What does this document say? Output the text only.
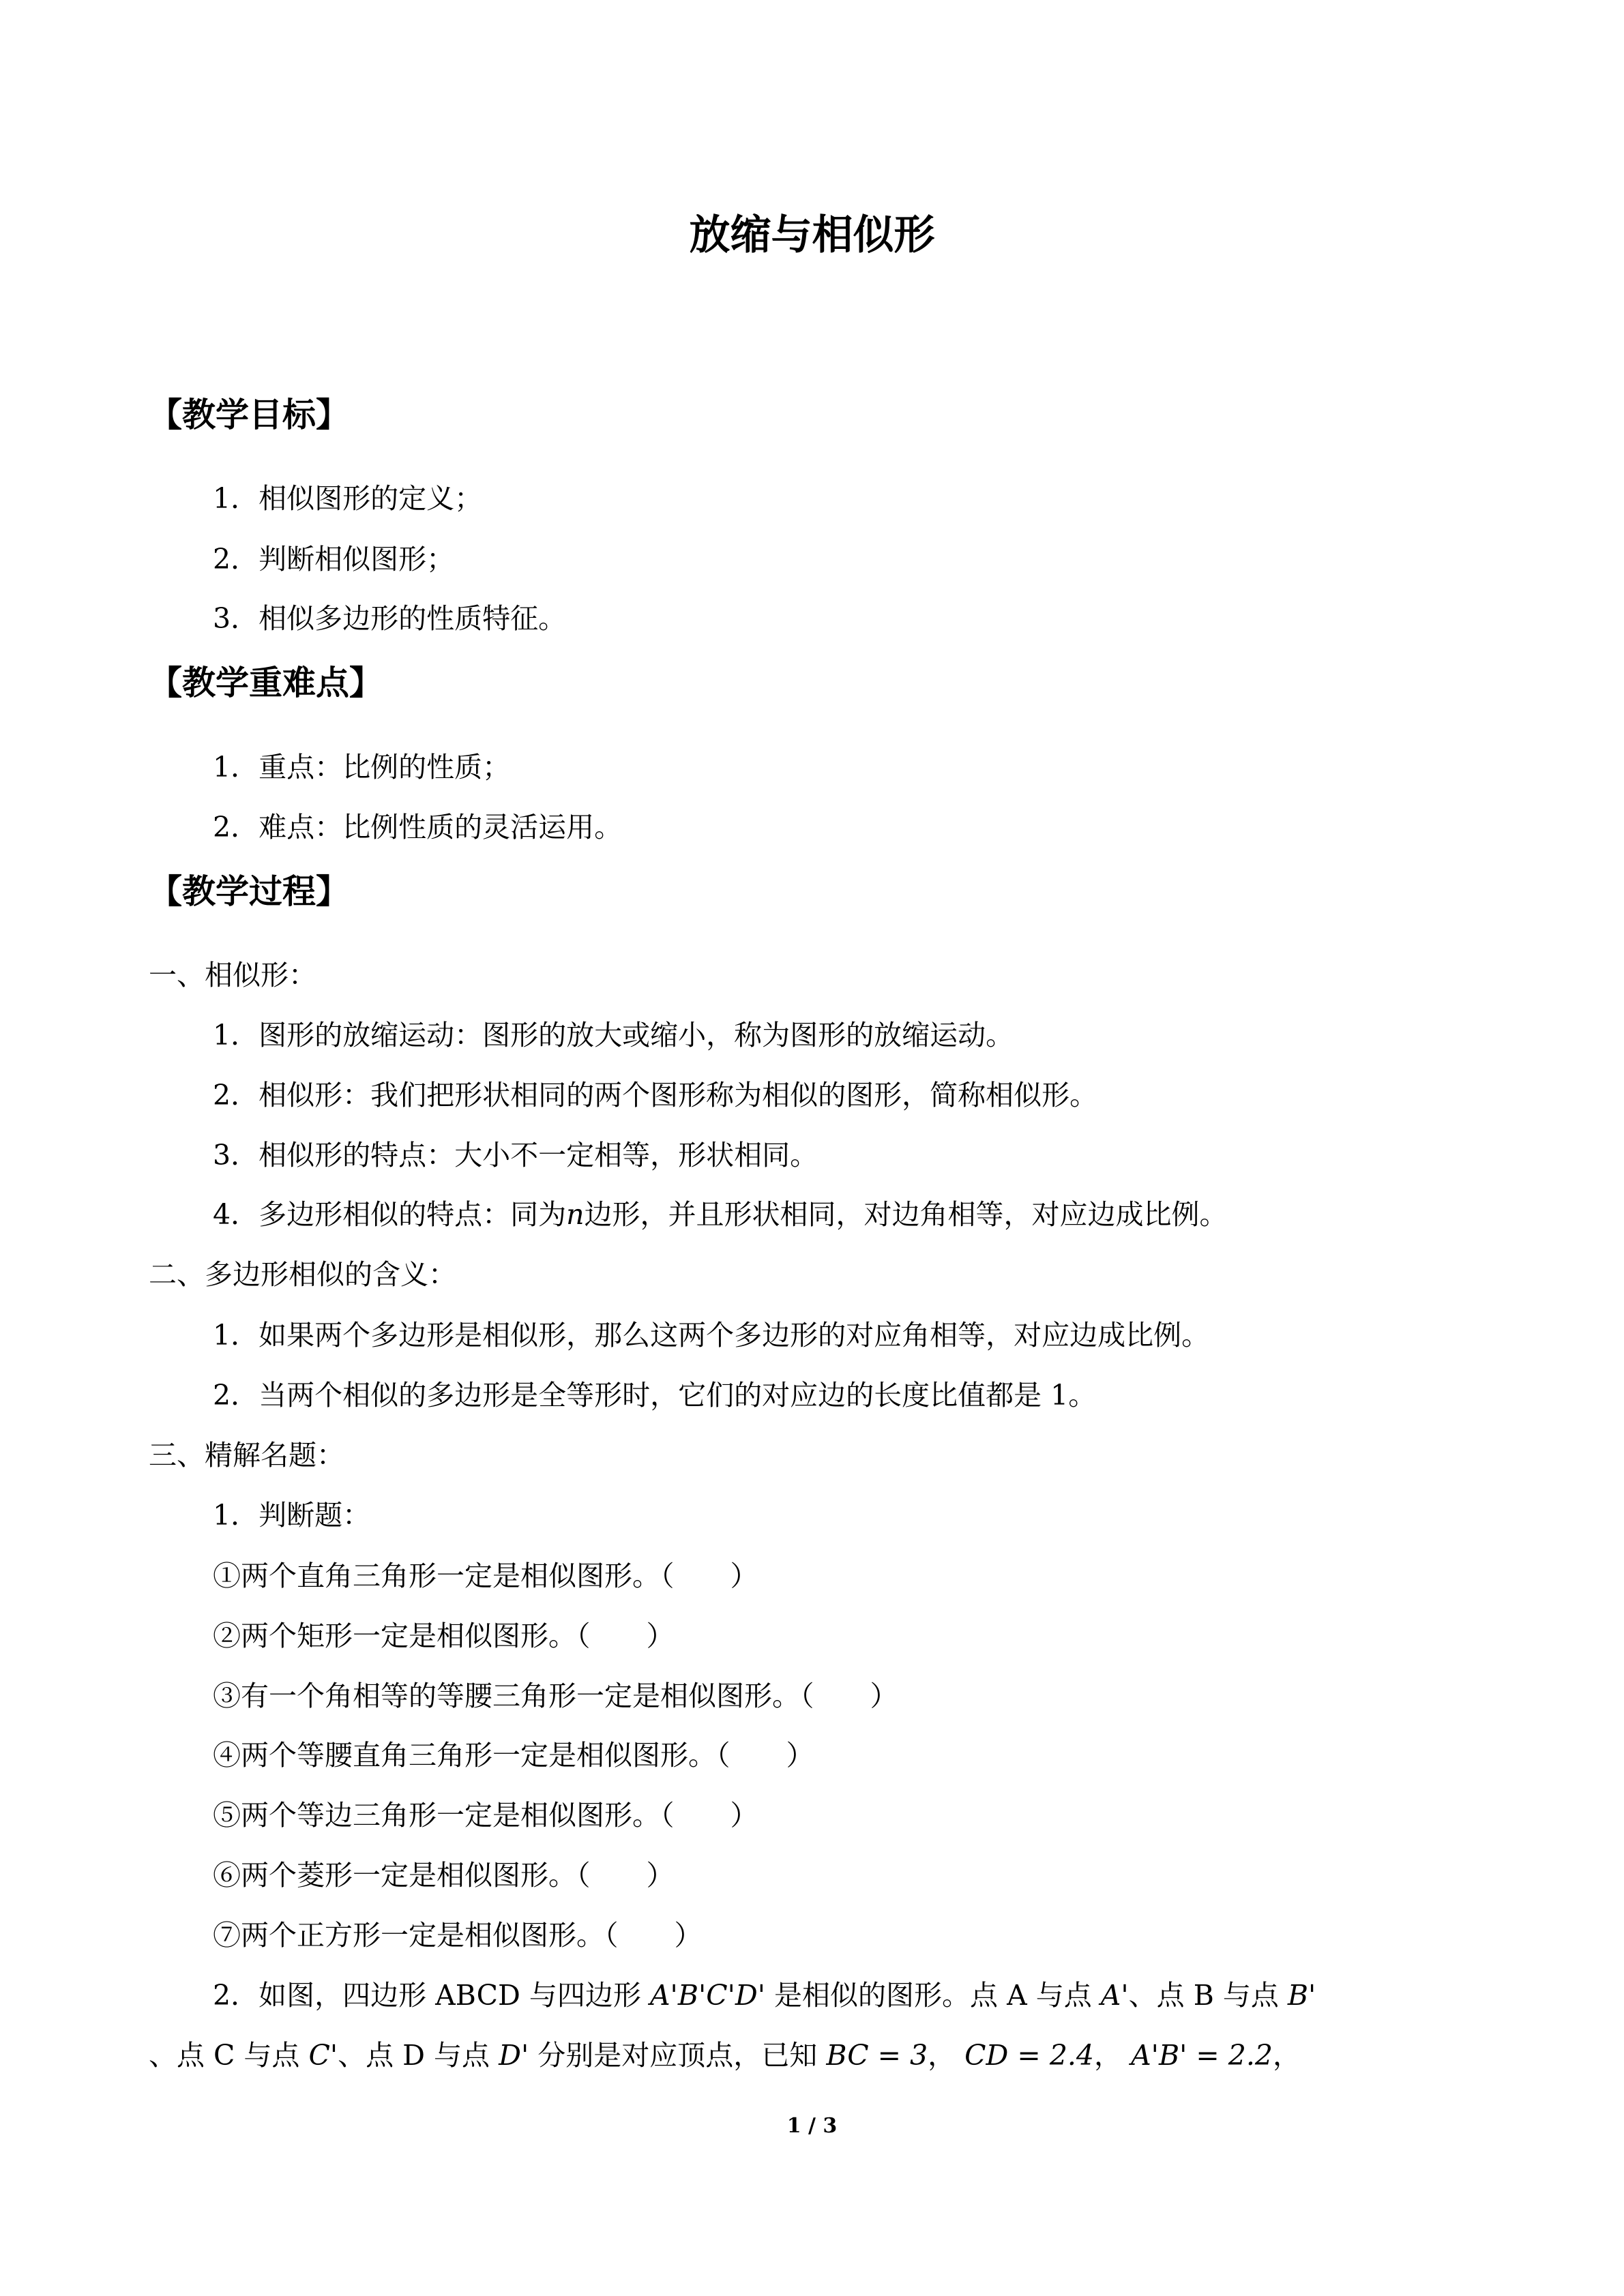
放缩与相似形
【教学目标】
1．相似图形的定义；
2．判断相似图形；
3．相似多边形的性质特征。
【教学重难点】
1．重点：比例的性质；
2．难点：比例性质的灵活运用。
【教学过程】
一、相似形：
1．图形的放缩运动：图形的放大或缩小，称为图形的放缩运动。
2．相似形：我们把形状相同的两个图形称为相似的图形，简称相似形。
3．相似形的特点：大小不一定相等，形状相同。
4．多边形相似的特点：同为n边形，并且形状相同，对边角相等，对应边成比例。
二、多边形相似的含义：
1．如果两个多边形是相似形，那么这两个多边形的对应角相等，对应边成比例。
2．当两个相似的多边形是全等形时，它们的对应边的长度比值都是 1。
三、精解名题：
1．判断题：
①两个直角三角形一定是相似图形。（　　）
②两个矩形一定是相似图形。（　　）
③有一个角相等的等腰三角形一定是相似图形。（　　）
④两个等腰直角三角形一定是相似图形。（　　）
⑤两个等边三角形一定是相似图形。（　　）
⑥两个菱形一定是相似图形。（　　）
⑦两个正方形一定是相似图形。（　　）
2．如图，四边形 ABCD 与四边形 A'B'C'D' 是相似的图形。点 A 与点 A'、点 B 与点 B'
、点 C 与点 C'、点 D 与点 D' 分别是对应顶点，已知 BC = 3， CD = 2.4， A'B' = 2.2，
1 / 3
